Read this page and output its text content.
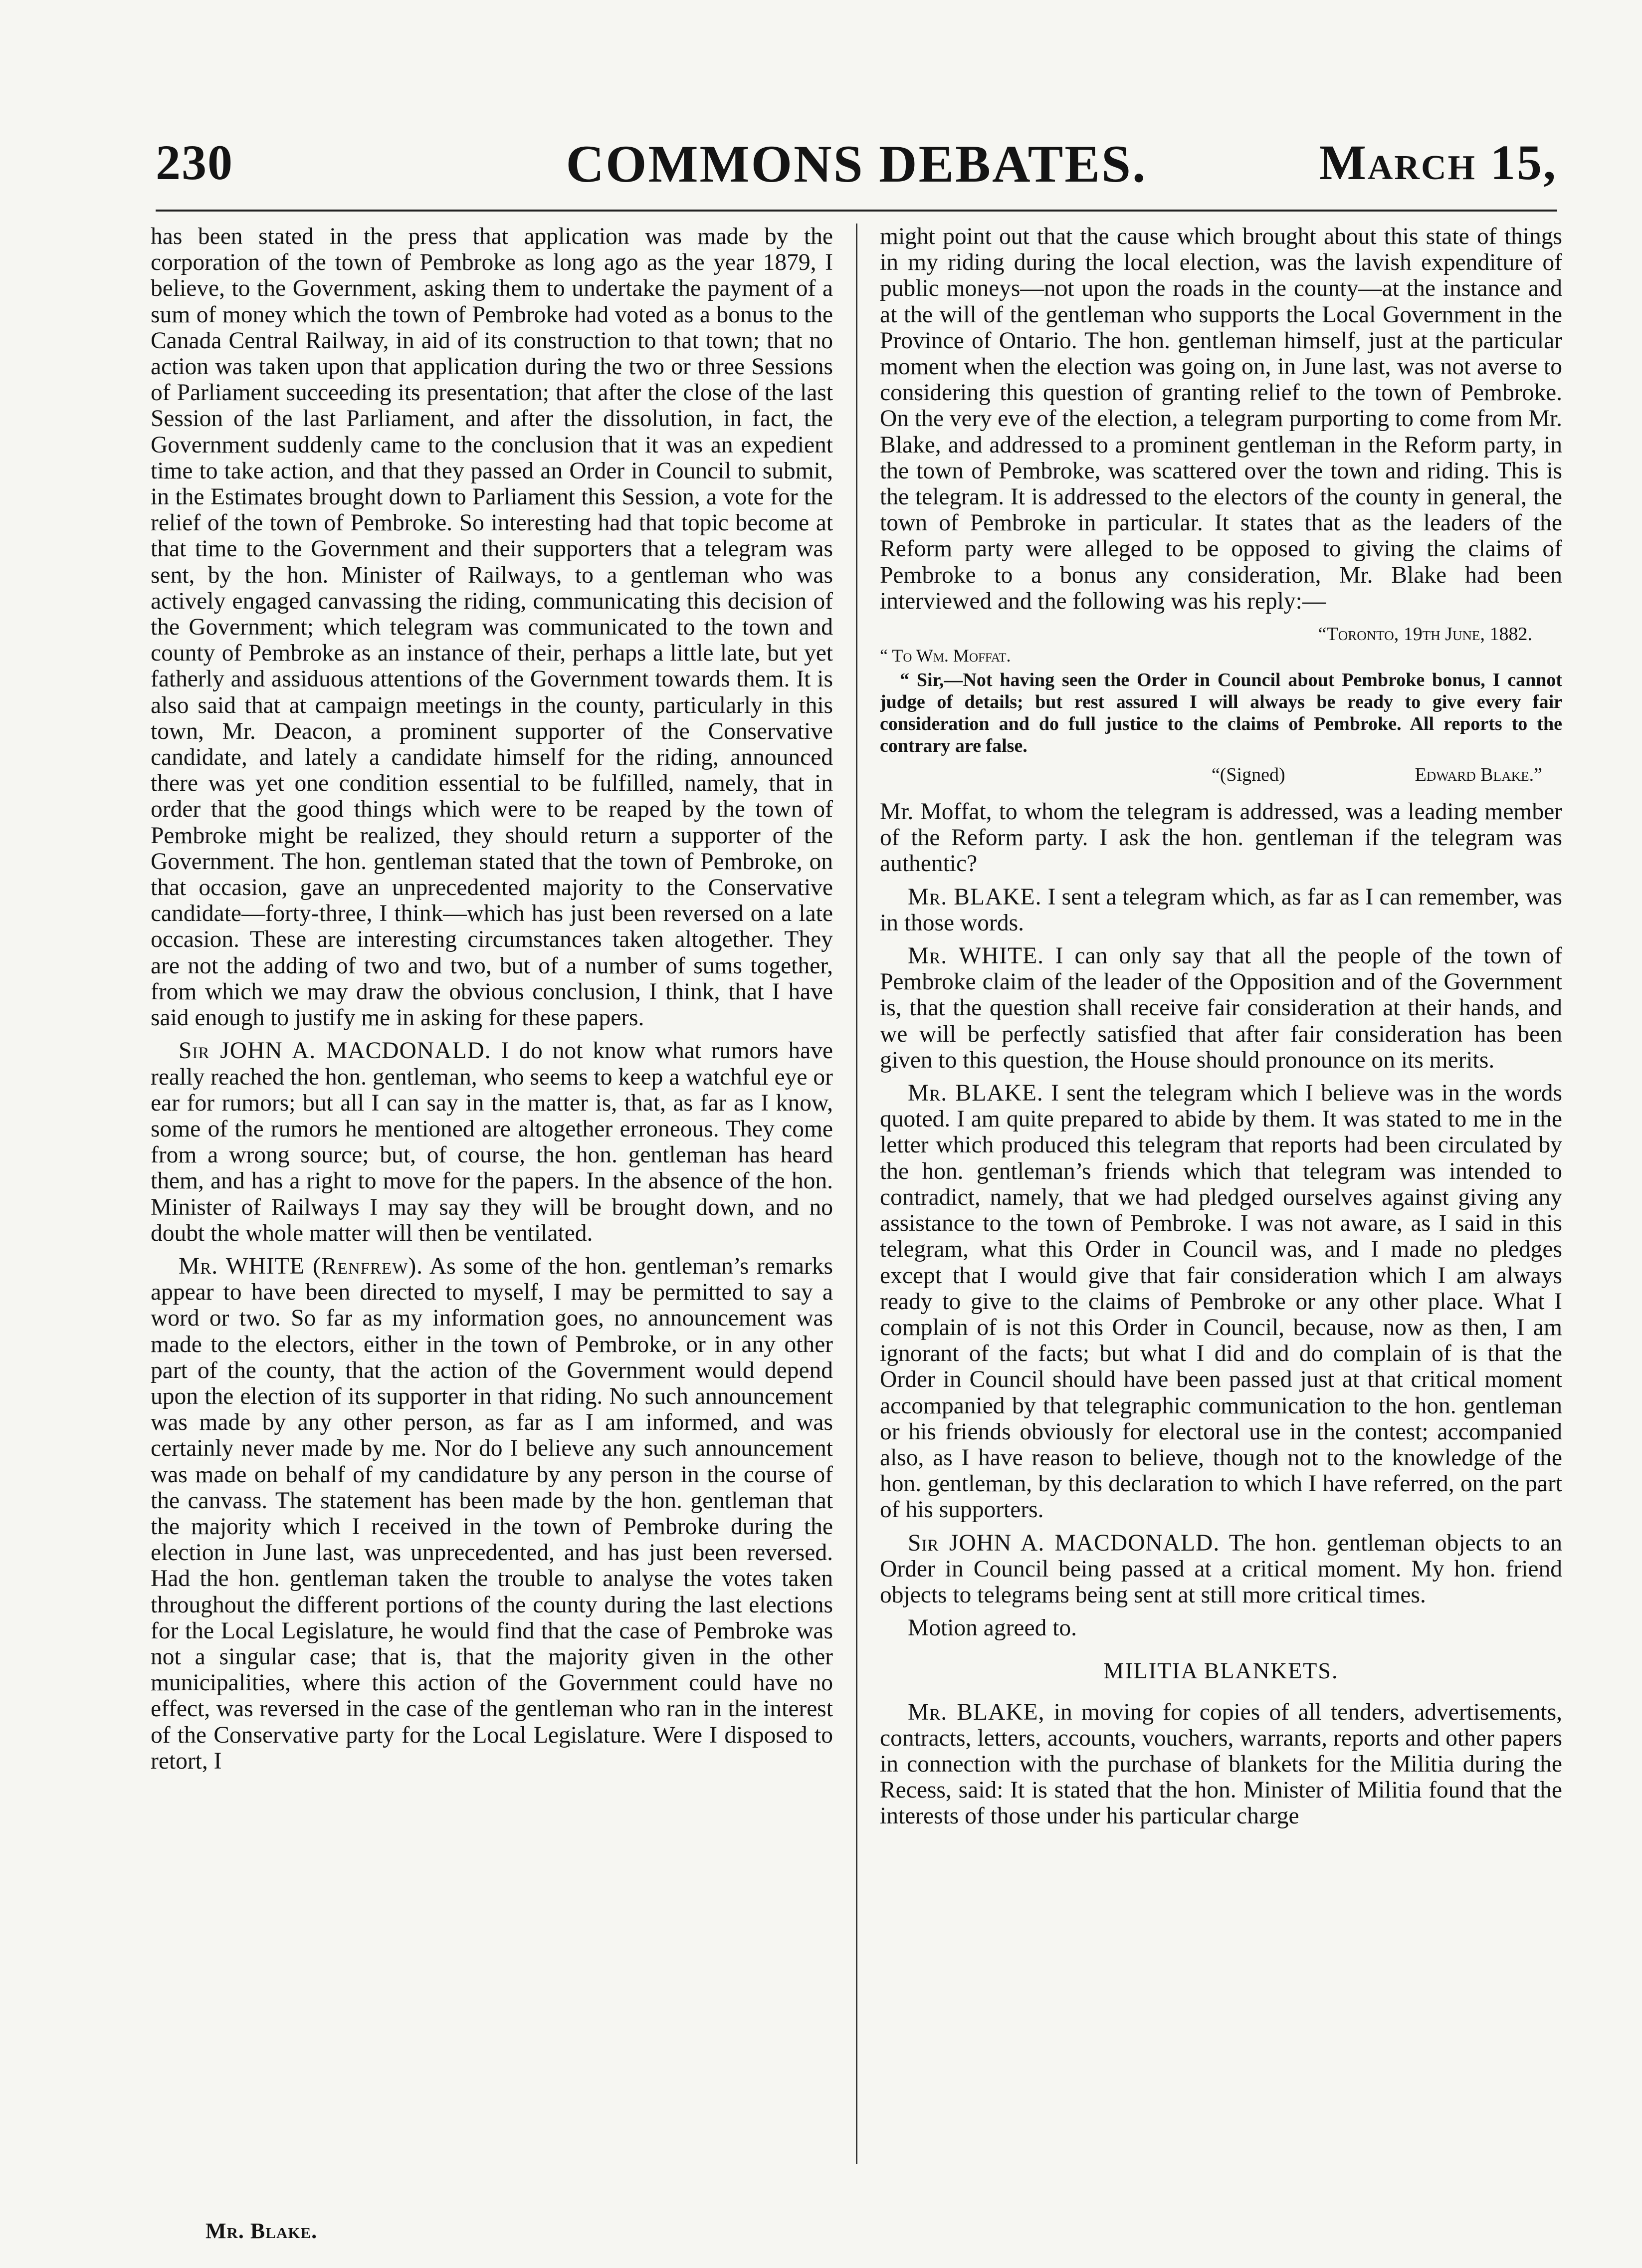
230	COMMONS DEBATES.	March 15,

has been stated in the press that application was made by the corporation of the town of Pembroke as long ago as the year 1879, I believe, to the Government, asking them to undertake the payment of a sum of money which the town of Pembroke had voted as a bonus to the Canada Central Railway, in aid of its construction to that town; that no action was taken upon that application during the two or three Sessions of Parliament succeeding its presentation; that after the close of the last Session of the last Parliament, and after the dissolution, in fact, the Government suddenly came to the conclusion that it was an expedient time to take action, and that they passed an Order in Council to submit, in the Estimates brought down to Parliament this Session, a vote for the relief of the town of Pembroke. So interesting had that topic become at that time to the Government and their supporters that a telegram was sent, by the hon. Minister of Railways, to a gentleman who was actively engaged canvassing the riding, communicating this decision of the Government; which telegram was communicated to the town and county of Pembroke as an instance of their, perhaps a little late, but yet fatherly and assiduous attentions of the Government towards them. It is also said that at campaign meetings in the county, particularly in this town, Mr. Deacon, a prominent supporter of the Conservative candidate, and lately a candidate himself for the riding, announced there was yet one condition essential to be fulfilled, namely, that in order that the good things which were to be reaped by the town of Pembroke might be realized, they should return a supporter of the Government. The hon. gentleman stated that the town of Pembroke, on that occasion, gave an unprecedented majority to the Conservative candidate—forty-three, I think—which has just been reversed on a late occasion. These are interesting circumstances taken altogether. They are not the adding of two and two, but of a number of sums together, from which we may draw the obvious conclusion, I think, that I have said enough to justify me in asking for these papers.

Sir JOHN A. MACDONALD. I do not know what rumors have really reached the hon. gentleman, who seems to keep a watchful eye or ear for rumors; but all I can say in the matter is, that, as far as I know, some of the rumors he mentioned are altogether erroneous. They come from a wrong source; but, of course, the hon. gentleman has heard them, and has a right to move for the papers. In the absence of the hon. Minister of Railways I may say they will be brought down, and no doubt the whole matter will then be ventilated.

Mr. WHITE (Renfrew). As some of the hon. gentleman’s remarks appear to have been directed to myself, I may be permitted to say a word or two. So far as my information goes, no announcement was made to the electors, either in the town of Pembroke, or in any other part of the county, that the action of the Government would depend upon the election of its supporter in that riding. No such announcement was made by any other person, as far as I am informed, and was certainly never made by me. Nor do I believe any such announcement was made on behalf of my candidature by any person in the course of the canvass. The statement has been made by the hon. gentleman that the majority which I received in the town of Pembroke during the election in June last, was unprecedented, and has just been reversed. Had the hon. gentleman taken the trouble to analyse the votes taken throughout the different portions of the county during the last elections for the Local Legislature, he would find that the case of Pembroke was not a singular case; that is, that the majority given in the other municipalities, where this action of the Government could have no effect, was reversed in the case of the gentleman who ran in the interest of the Conservative party for the Local Legislature. Were I disposed to retort, I

might point out that the cause which brought about this state of things in my riding during the local election, was the lavish expenditure of public moneys—not upon the roads in the county—at the instance and at the will of the gentleman who supports the Local Government in the Province of Ontario. The hon. gentleman himself, just at the particular moment when the election was going on, in June last, was not averse to considering this question of granting relief to the town of Pembroke. On the very eve of the election, a telegram purporting to come from Mr. Blake, and addressed to a prominent gentleman in the Reform party, in the town of Pembroke, was scattered over the town and riding. This is the telegram. It is addressed to the electors of the county in general, the town of Pembroke in particular. It states that as the leaders of the Reform party were alleged to be opposed to giving the claims of Pembroke to a bonus any consideration, Mr. Blake had been interviewed and the following was his reply:—

“Toronto, 19th June, 1882.
“ To Wm. Moffat.

“ Sir,—Not having seen the Order in Council about Pembroke bonus, I cannot judge of details; but rest assured I will always be ready to give every fair consideration and do full justice to the claims of Pembroke. All reports to the contrary are false.

“(Signed)	Edward Blake.”

Mr. Moffat, to whom the telegram is addressed, was a leading member of the Reform party. I ask the hon. gentleman if the telegram was authentic?

Mr. BLAKE. I sent a telegram which, as far as I can remember, was in those words.

Mr. WHITE. I can only say that all the people of the town of Pembroke claim of the leader of the Opposition and of the Government is, that the question shall receive fair consideration at their hands, and we will be perfectly satisfied that after fair consideration has been given to this question, the House should pronounce on its merits.

Mr. BLAKE. I sent the telegram which I believe was in the words quoted. I am quite prepared to abide by them. It was stated to me in the letter which produced this telegram that reports had been circulated by the hon. gentleman’s friends which that telegram was intended to contradict, namely, that we had pledged ourselves against giving any assistance to the town of Pembroke. I was not aware, as I said in this telegram, what this Order in Council was, and I made no pledges except that I would give that fair consideration which I am always ready to give to the claims of Pembroke or any other place. What I complain of is not this Order in Council, because, now as then, I am ignorant of the facts; but what I did and do complain of is that the Order in Council should have been passed just at that critical moment accompanied by that telegraphic communication to the hon. gentleman or his friends obviously for electoral use in the contest; accompanied also, as I have reason to believe, though not to the knowledge of the hon. gentleman, by this declaration to which I have referred, on the part of his supporters.

Sir JOHN A. MACDONALD. The hon. gentleman objects to an Order in Council being passed at a critical moment. My hon. friend objects to telegrams being sent at still more critical times.

Motion agreed to.

MILITIA BLANKETS.

Mr. BLAKE, in moving for copies of all tenders, advertisements, contracts, letters, accounts, vouchers, warrants, reports and other papers in connection with the purchase of blankets for the Militia during the Recess, said: It is stated that the hon. Minister of Militia found that the interests of those under his particular charge

Mr. Blake.
